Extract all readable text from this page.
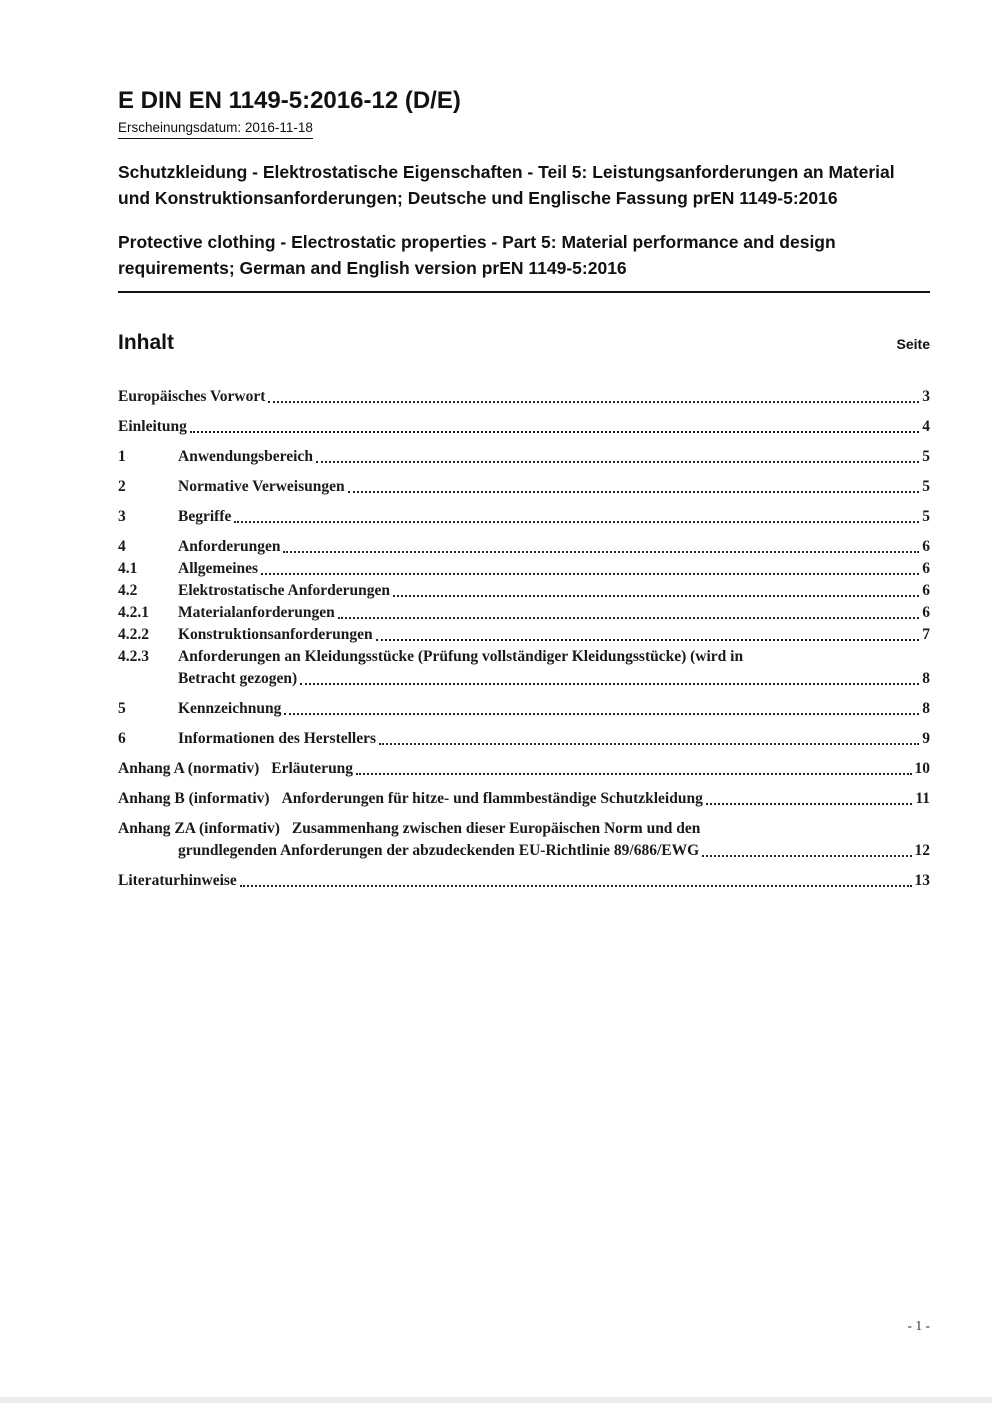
E DIN EN 1149-5:2016-12 (D/E)
Erscheinungsdatum: 2016-11-18

Schutzkleidung - Elektrostatische Eigenschaften - Teil 5: Leistungsanforderungen an Material und Konstruktionsanforderungen; Deutsche und Englische Fassung prEN 1149-5:2016

Protective clothing - Electrostatic properties - Part 5: Material performance and design requirements; German and English version prEN 1149-5:2016

Inhalt	Seite
Europäisches Vorwort	3
Einleitung	4
1	Anwendungsbereich	5
2	Normative Verweisungen	5
3	Begriffe	5
4	Anforderungen	6
4.1	Allgemeines	6
4.2	Elektrostatische Anforderungen	6
4.2.1	Materialanforderungen	6
4.2.2	Konstruktionsanforderungen	7
4.2.3	Anforderungen an Kleidungsstücke (Prüfung vollständiger Kleidungsstücke) (wird in
Betracht gezogen)	8
5	Kennzeichnung	8
6	Informationen des Herstellers	9
Anhang A (normativ) Erläuterung	10
Anhang B (informativ) Anforderungen für hitze- und flammbeständige Schutzkleidung	11
Anhang ZA (informativ) Zusammenhang zwischen dieser Europäischen Norm und den
grundlegenden Anforderungen der abzudeckenden EU-Richtlinie 89/686/EWG	12
Literaturhinweise	13
- 1 -
